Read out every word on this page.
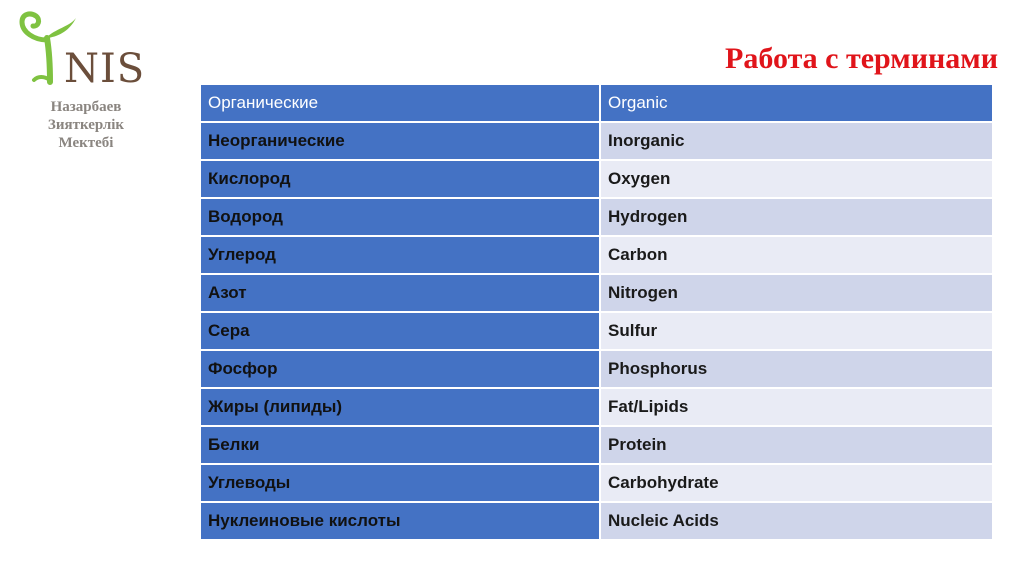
NIS
Назарбаев
Зияткерлік
Мектебі
Работа с терминами
Органические	Organic
Неорганические	Inorganic
Кислород	Oxygen
Водород	Hydrogen
Углерод	Carbon
Азот	Nitrogen
Сера	Sulfur
Фосфор	Phosphorus
Жиры (липиды)	Fat/Lipids
Белки	Protein
Углеводы	Carbohydrate
Нуклеиновые кислоты	Nucleic Acids
